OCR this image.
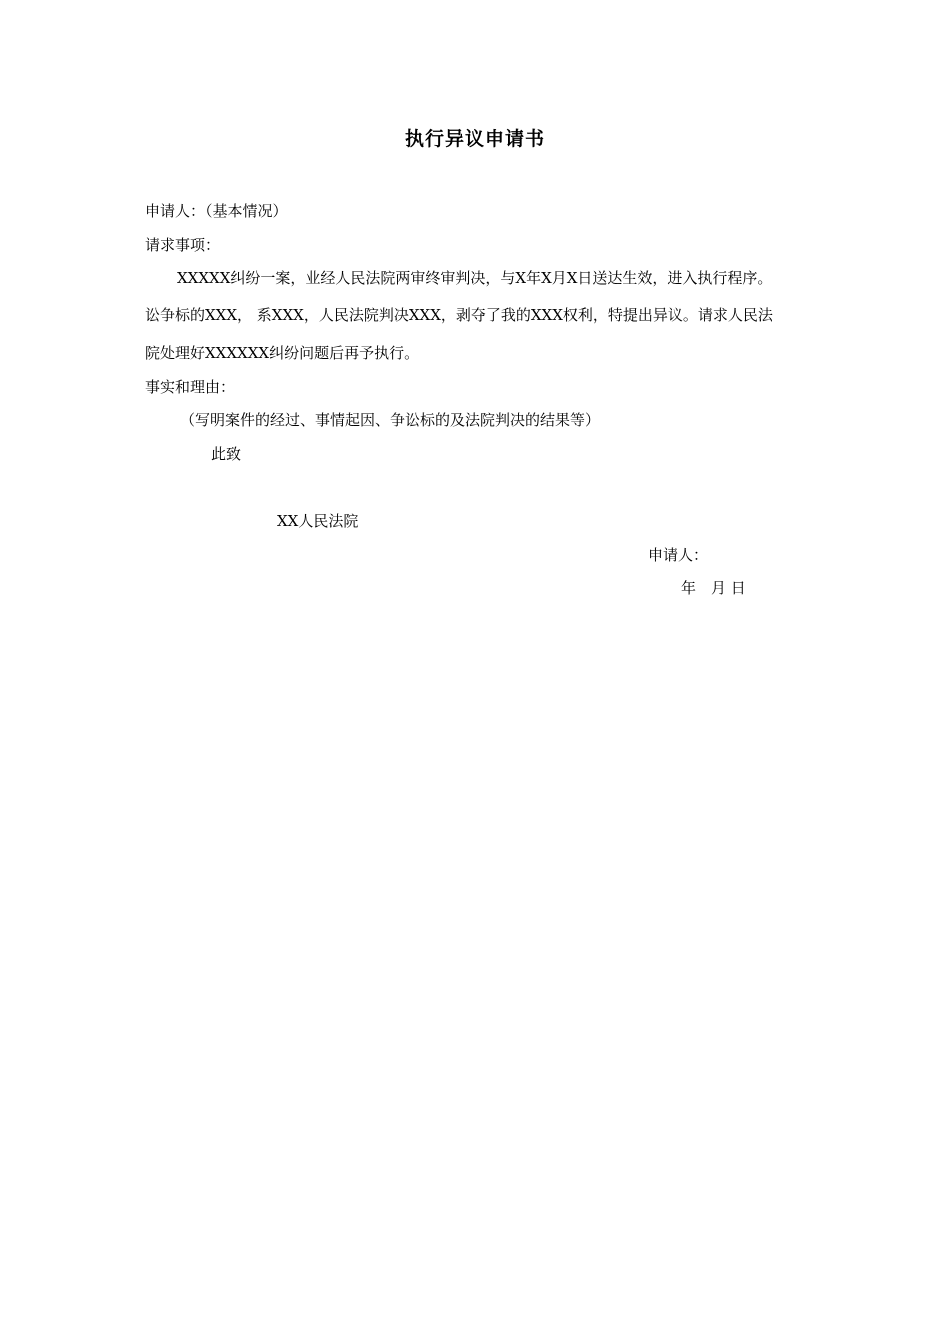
执行异议申请书
申请人：（基本情况）
请求事项：
XXXXX纠纷一案，业经人民法院两审终审判决，与X年X月X日送达生效，进入执行程序。
讼争标的XXX， 系XXX，人民法院判决XXX，剥夺了我的XXX权利，特提出异议。请求人民法
院处理好XXXXXX纠纷问题后再予执行。
事实和理由：
（写明案件的经过、事情起因、争讼标的及法院判决的结果等）
此致
XX人民法院
申请人：
年　月 日
